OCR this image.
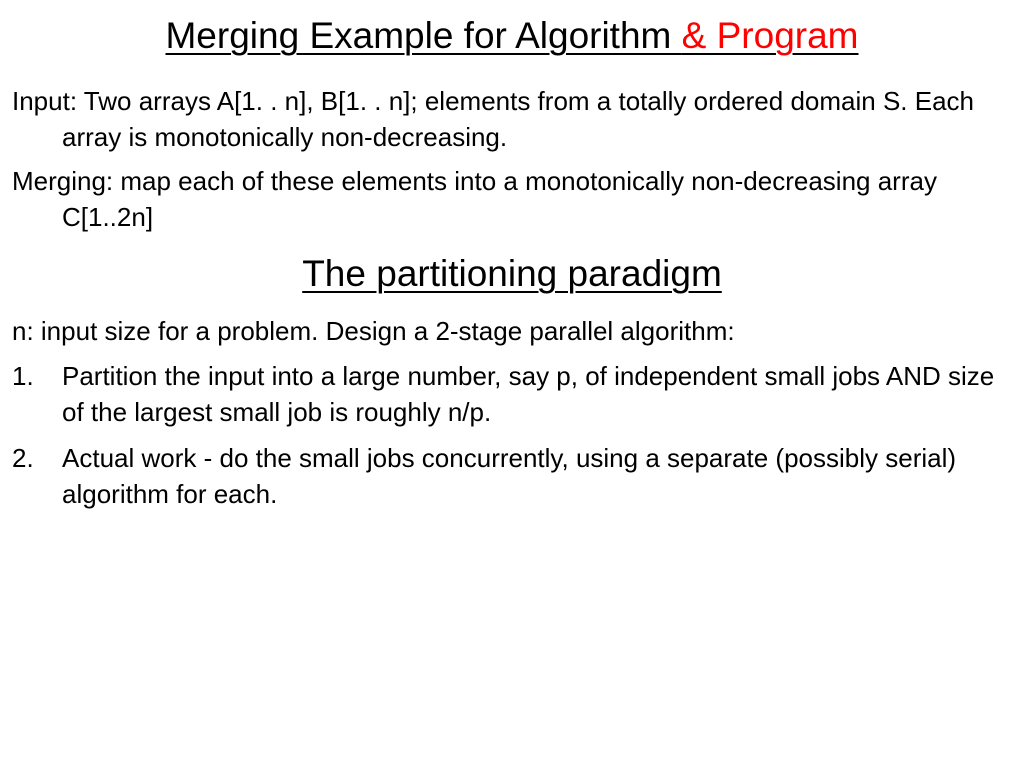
Merging Example for Algorithm & Program
Input: Two arrays A[1. . n], B[1. . n]; elements from a totally ordered domain S. Each array is monotonically non-decreasing.
Merging: map each of these elements into a monotonically non-decreasing array C[1..2n]
The partitioning paradigm
n: input size for a problem. Design a 2-stage parallel algorithm:
1.	Partition the input into a large number, say p, of independent small jobs AND size of the largest small job is roughly n/p.
2.	Actual work - do the small jobs concurrently, using a separate (possibly serial) algorithm for each.
